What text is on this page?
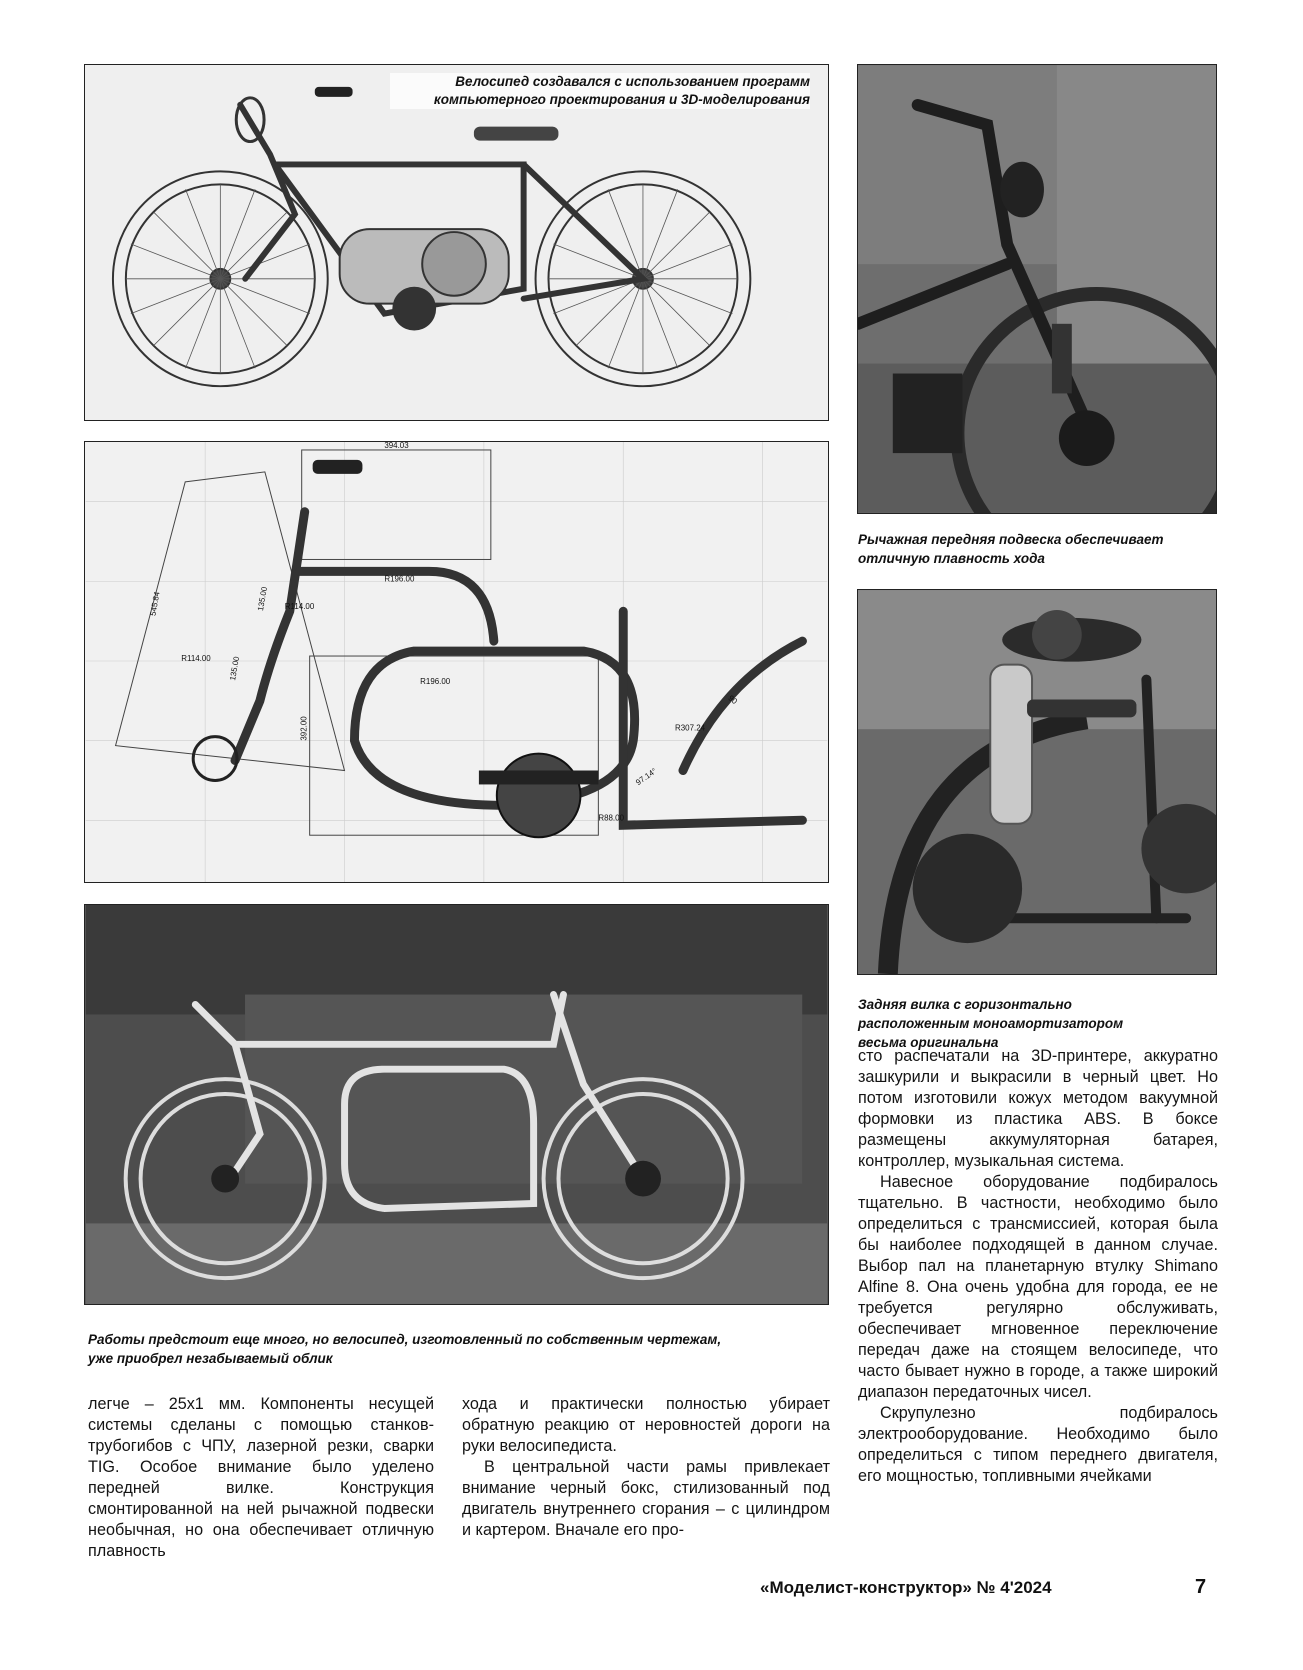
Велосипед создавался с использованием программ компьютерного проектирования и 3D-моделирования
394.03
545.84
R196.00
R114.00
135.00
R114.00 135.00
R196.00
392.00	R307.24
97.14°
R88.00
90
Работы предстоит еще много, но велосипед, изготовленный по собственным чертежам, уже приобрел незабываемый облик
Рычажная передняя подвеска обеспечивает отличную плавность хода
Задняя вилка с горизонтально расположенным моноамортизатором весьма оригинальна

легче – 25х1 мм. Компоненты несущей системы сделаны с помощью станков-трубогибов с ЧПУ, лазерной резки, сварки TIG. Особое внимание было уделено передней вилке. Конструкция смонтированной на ней рычажной подвески необычная, но она обеспечивает отличную плавность

хода и практически полностью убирает обратную реакцию от неровностей дороги на руки велосипедиста.

В центральной части рамы привлекает внимание черный бокс, стилизованный под двигатель внутреннего сгорания – с цилиндром и картером. Вначале его про-

сто распечатали на 3D-принтере, аккуратно зашкурили и выкрасили в черный цвет. Но потом изготовили кожух методом вакуумной формовки из пластика ABS. В боксе размещены аккумуляторная батарея, контроллер, музыкальная система.

Навесное оборудование подбиралось тщательно. В частности, необходимо было определиться с трансмиссией, которая была бы наиболее подходящей в данном случае. Выбор пал на планетарную втулку Shimano Alfine 8. Она очень удобна для города, ее не требуется регулярно обслуживать, обеспечивает мгновенное переключение передач даже на стоящем велосипеде, что часто бывает нужно в городе, а также широкий диапазон передаточных чисел.

Скрупулезно подбиралось электрооборудование. Необходимо было определиться с типом переднего двигателя, его мощностью, топливными ячейками

«Моделист-конструктор» № 4'2024	7
